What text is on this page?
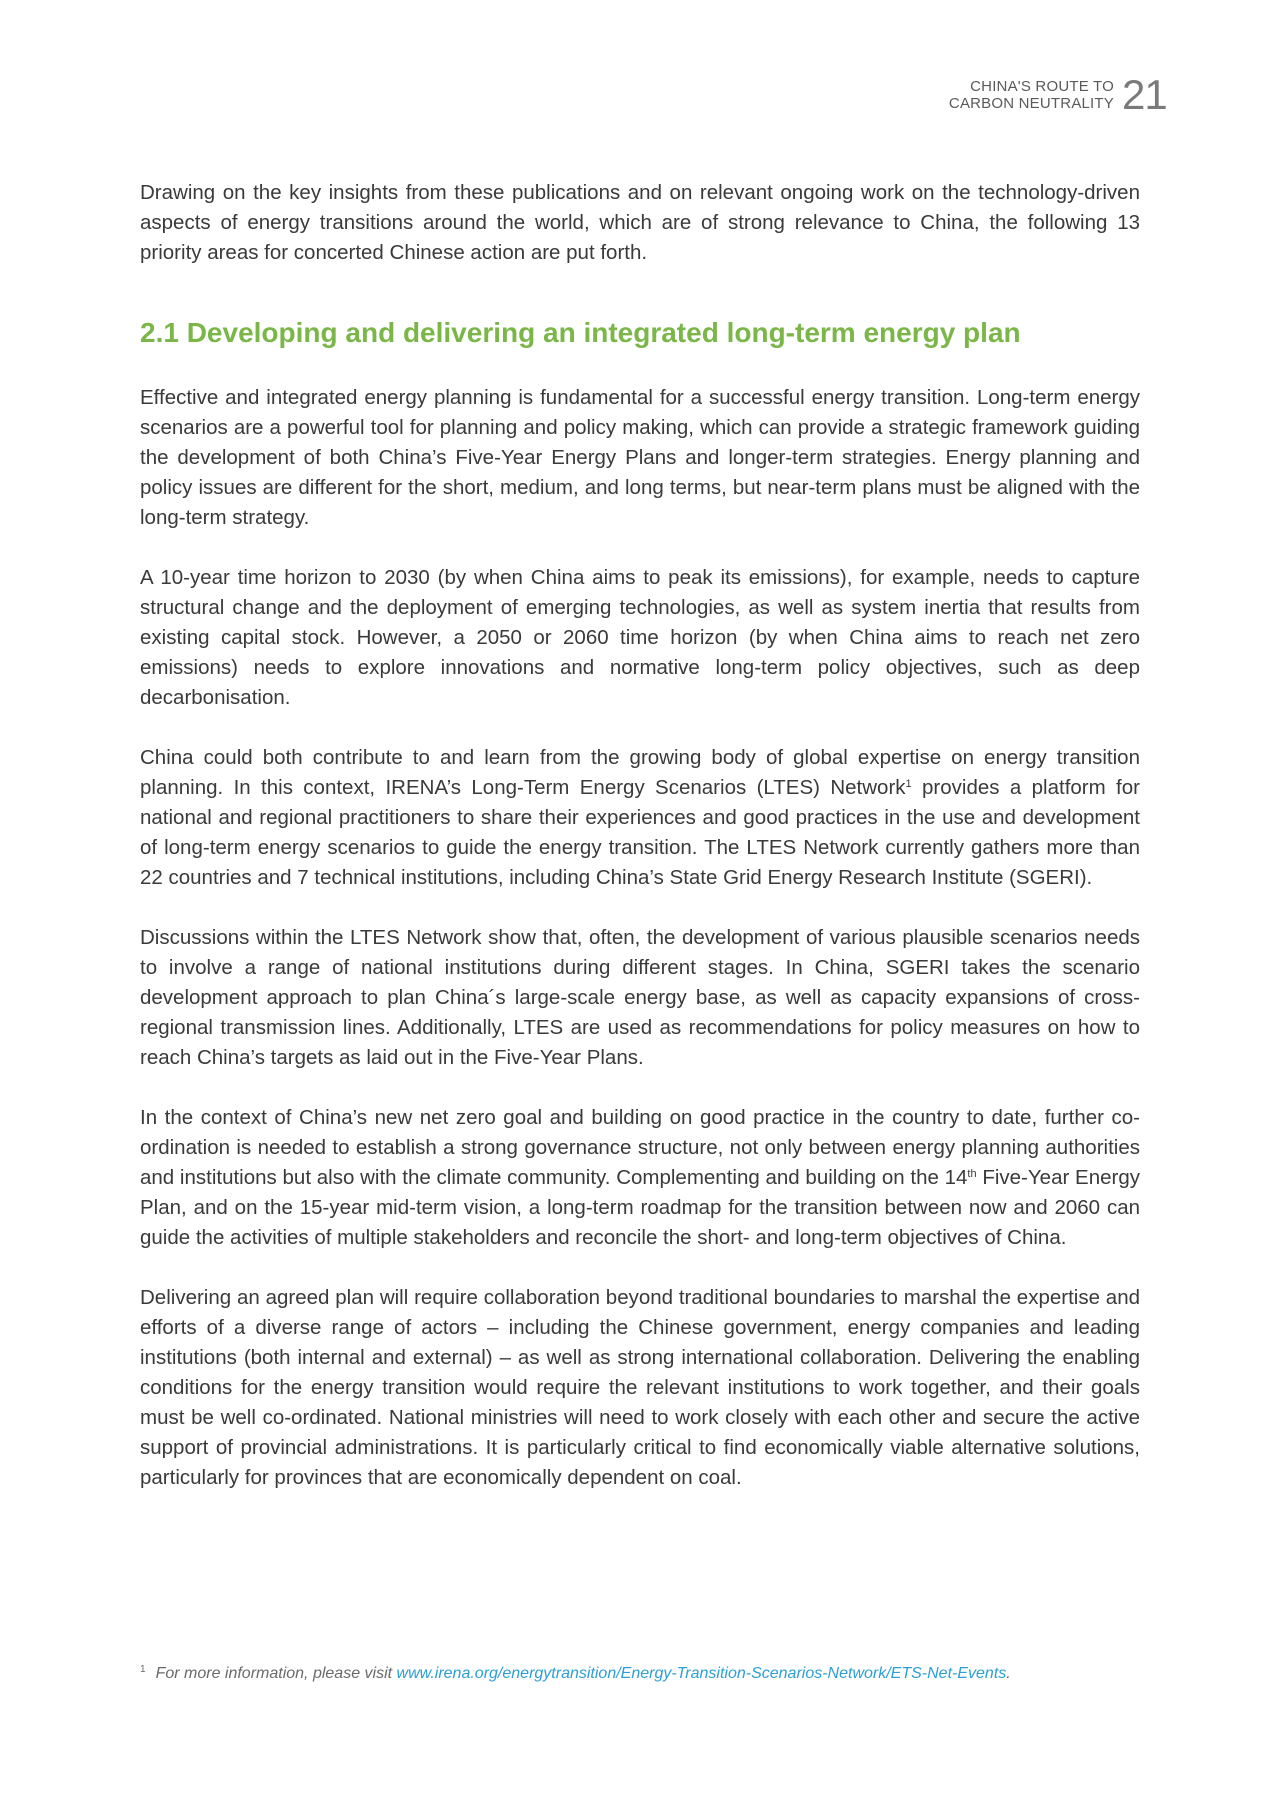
CHINA'S ROUTE TO
CARBON NEUTRALITY 21

Drawing on the key insights from these publications and on relevant ongoing work on the technology-driven aspects of energy transitions around the world, which are of strong relevance to China, the following 13 priority areas for concerted Chinese action are put forth.

2.1 Developing and delivering an integrated long-term energy plan

Effective and integrated energy planning is fundamental for a successful energy transition. Long-term energy scenarios are a powerful tool for planning and policy making, which can provide a strategic framework guiding the development of both China’s Five-Year Energy Plans and longer-term strategies. Energy planning and policy issues are different for the short, medium, and long terms, but near-term plans must be aligned with the long-term strategy.

A 10-year time horizon to 2030 (by when China aims to peak its emissions), for example, needs to capture structural change and the deployment of emerging technologies, as well as system inertia that results from existing capital stock. However, a 2050 or 2060 time horizon (by when China aims to reach net zero emissions) needs to explore innovations and normative long-term policy objectives, such as deep decarbonisation.

China could both contribute to and learn from the growing body of global expertise on energy transition planning. In this context, IRENA’s Long-Term Energy Scenarios (LTES) Network$^1$ provides a platform for national and regional practitioners to share their experiences and good practices in the use and development of long-term energy scenarios to guide the energy transition. The LTES Network currently gathers more than 22 countries and 7 technical institutions, including China’s State Grid Energy Research Institute (SGERI).

Discussions within the LTES Network show that, often, the development of various plausible scenarios needs to involve a range of national institutions during different stages. In China, SGERI takes the scenario development approach to plan China´s large-scale energy base, as well as capacity expansions of cross-regional transmission lines. Additionally, LTES are used as recommendations for policy measures on how to reach China’s targets as laid out in the Five-Year Plans.

In the context of China’s new net zero goal and building on good practice in the country to date, further co-ordination is needed to establish a strong governance structure, not only between energy planning authorities and institutions but also with the climate community. Complementing and building on the 14th Five-Year Energy Plan, and on the 15-year mid-term vision, a long-term roadmap for the transition between now and 2060 can guide the activities of multiple stakeholders and reconcile the short- and long-term objectives of China.

Delivering an agreed plan will require collaboration beyond traditional boundaries to marshal the expertise and efforts of a diverse range of actors – including the Chinese government, energy companies and leading institutions (both internal and external) – as well as strong international collaboration. Delivering the enabling conditions for the energy transition would require the relevant institutions to work together, and their goals must be well co-ordinated. National ministries will need to work closely with each other and secure the active support of provincial administrations. It is particularly critical to find economically viable alternative solutions, particularly for provinces that are economically dependent on coal.

$^1$ For more information, please visit www.irena.org/energytransition/Energy-Transition-Scenarios-Network/ETS-Net-Events.
